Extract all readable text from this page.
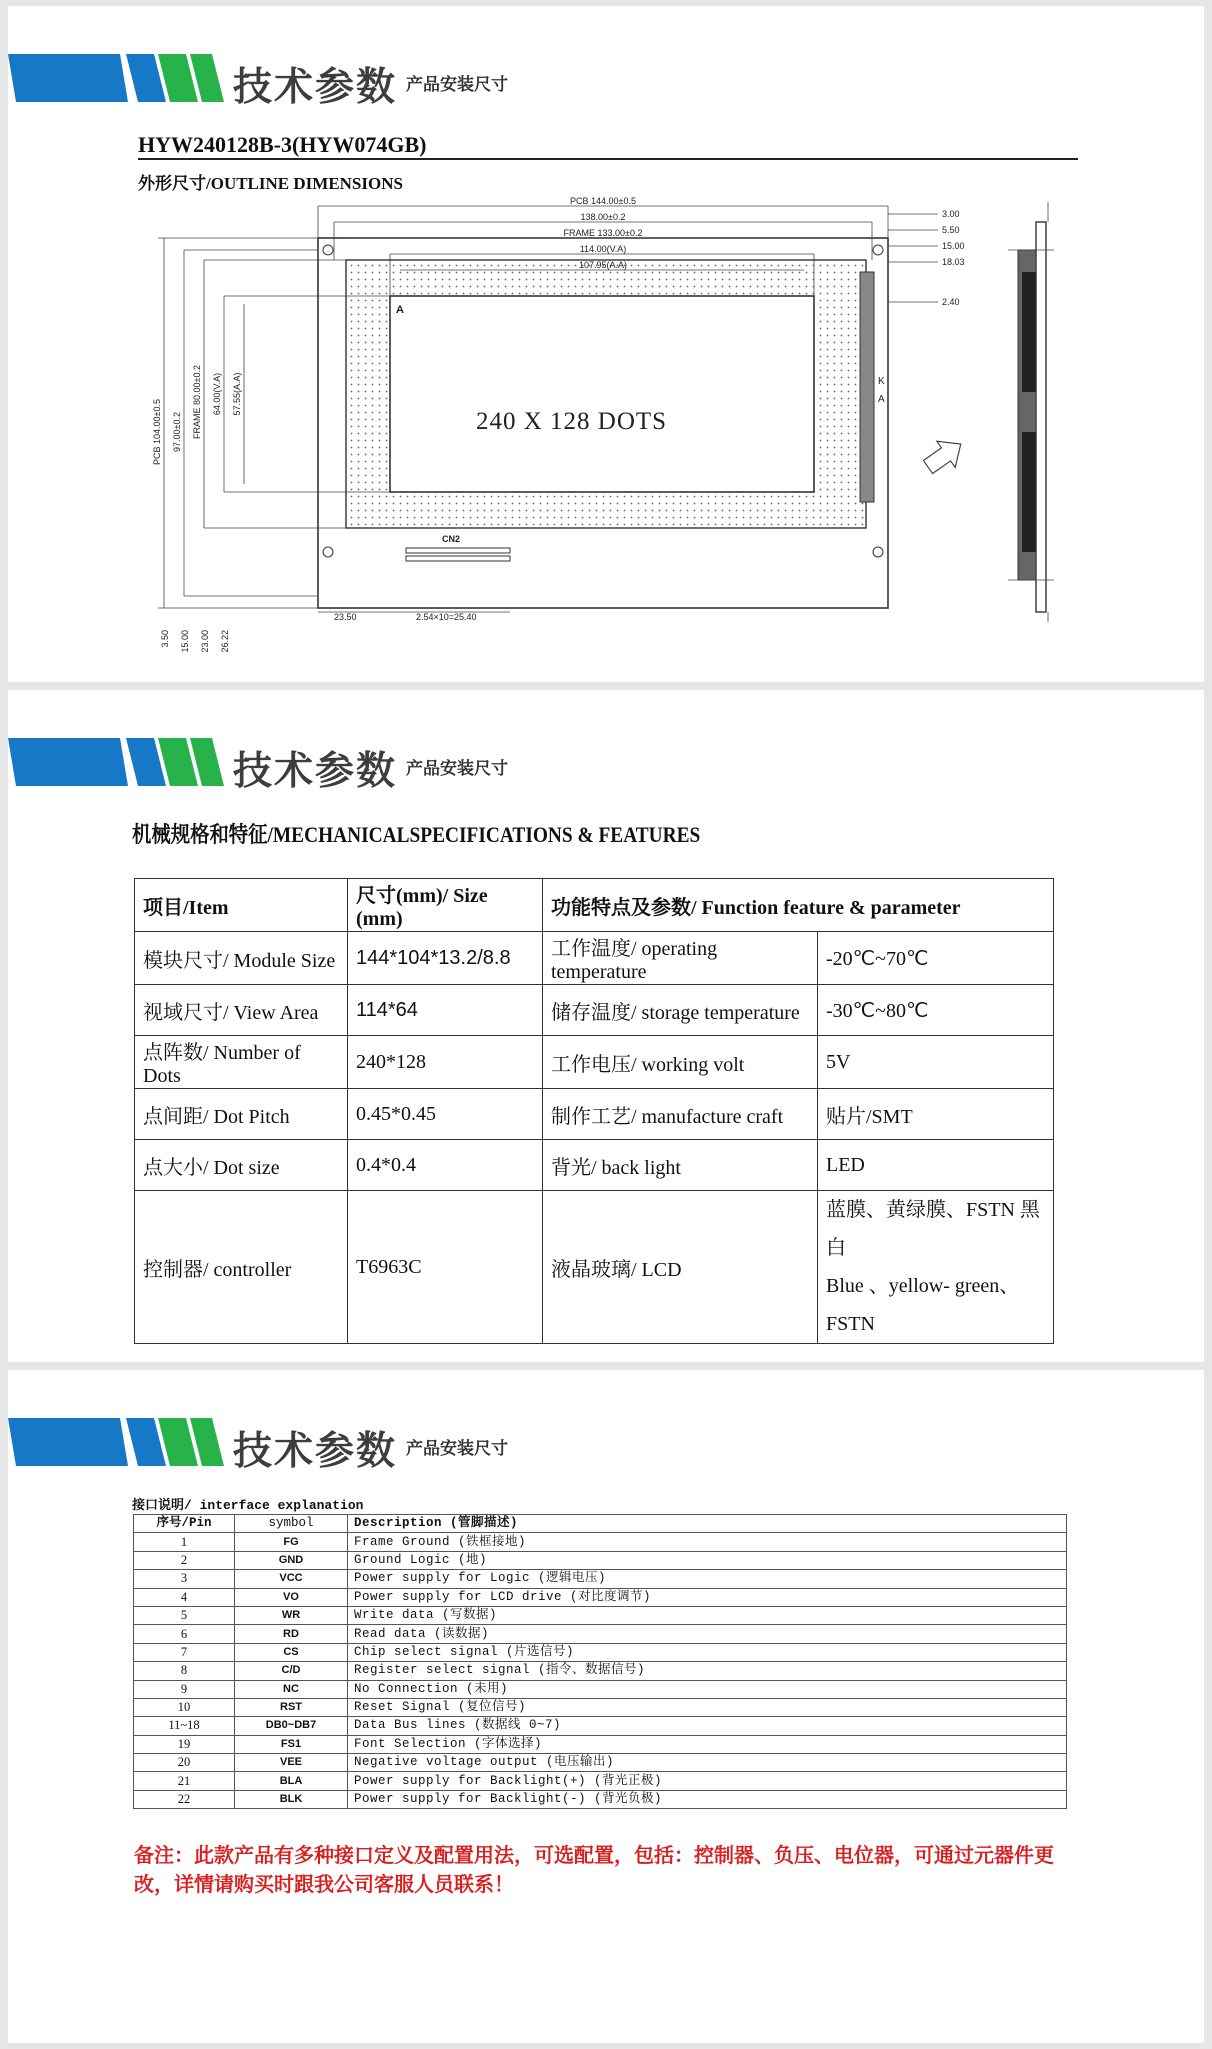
技术参数 产品安装尺寸
HYW240128B-3(HYW074GB)
外形尺寸/OUTLINE DIMENSIONS
A
K
A
CN2
PCB 144.00±0.5
138.00±0.2
FRAME 133.00±0.2
114.00(V.A)
107.95(A.A)
3.00
5.50
15.00
18.03
2.40
PCB 104.00±0.5 97.00±0.2 FRAME 80.00±0.2 64.00(V.A) 57.55(A.A)
3.50 15.00 23.00 26.22
23.50	2.54×10=25.40
240 X 128 DOTS
技术参数 产品安装尺寸
机械规格和特征/MECHANICALSPECIFICATIONS & FEATURES
项目/Item	尺寸(mm)/ Size (mm)	功能特点及参数/ Function feature & parameter	
模块尺寸/ Module Size	144*104*13.2/8.8	工作温度/ operating temperature	-20℃~70℃
视域尺寸/ View Area	114*64	储存温度/ storage temperature	-30℃~80℃
点阵数/ Number of Dots	240*128	工作电压/ working volt	5V
点间距/ Dot Pitch	0.45*0.45	制作工艺/ manufacture craft	贴片/SMT
点大小/ Dot size	0.4*0.4	背光/ back light	LED
控制器/ controller	T6963C	液晶玻璃/ LCD	蓝膜、黄绿膜、FSTN 黑白
Blue 、yellow- green、FSTN
技术参数 产品安装尺寸
接口说明/ interface explanation
序号/Pin	symbol	Description (管脚描述)
1	FG	Frame Ground (铁框接地)
2	GND	Ground Logic (地)
3	VCC	Power supply for Logic (逻辑电压)
4	VO	Power supply for LCD drive (对比度调节)
5	WR	Write data (写数据)
6	RD	Read data (读数据)
7	CS	Chip select signal (片选信号)
8	C/D	Register select signal (指令、数据信号)
9	NC	No Connection (未用)
10	RST	Reset Signal (复位信号)
11~18	DB0~DB7	Data Bus lines (数据线 0~7)
19	FS1	Font Selection (字体选择)
20	VEE	Negative voltage output (电压输出)
21	BLA	Power supply for Backlight(+) (背光正极)
22	BLK	Power supply for Backlight(-) (背光负极)
备注：此款产品有多种接口定义及配置用法，可选配置，包括：控制器、负压、电位器，可通过元器件更改，详情请购买时跟我公司客服人员联系！
